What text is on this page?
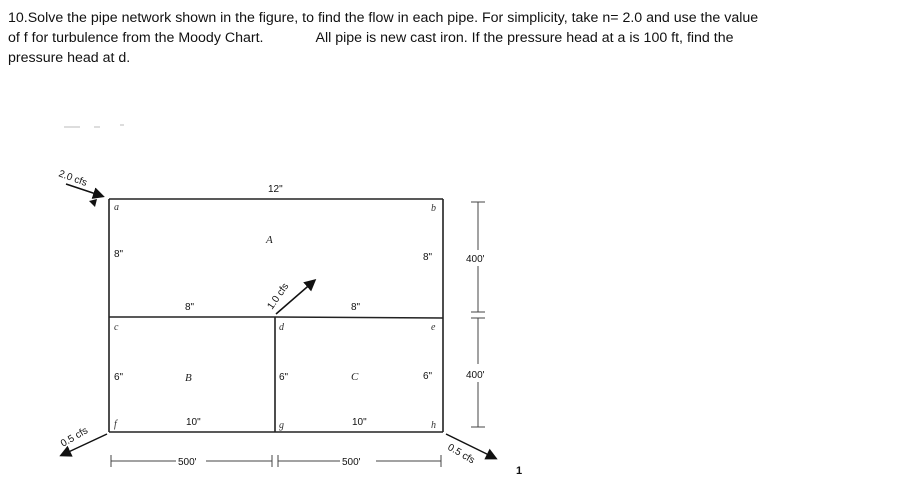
10.Solve the pipe network shown in the figure, to find the flow in each pipe. For simplicity, take n= 2.0 and use the value
of f for turbulence from the Moody Chart.	All pipe is new cast iron. If the pressure head at a is 100 ft, find the
pressure head at d.
a	b
c	d	e
f	g	h
A
B	C
12"
8"	8"
8"	8"
6"	6"	6"
10"	10"
400'
400'
500'	500'
2.0 cfs
1.0 cfs
0.5 cfs
0.5 cfs
1
